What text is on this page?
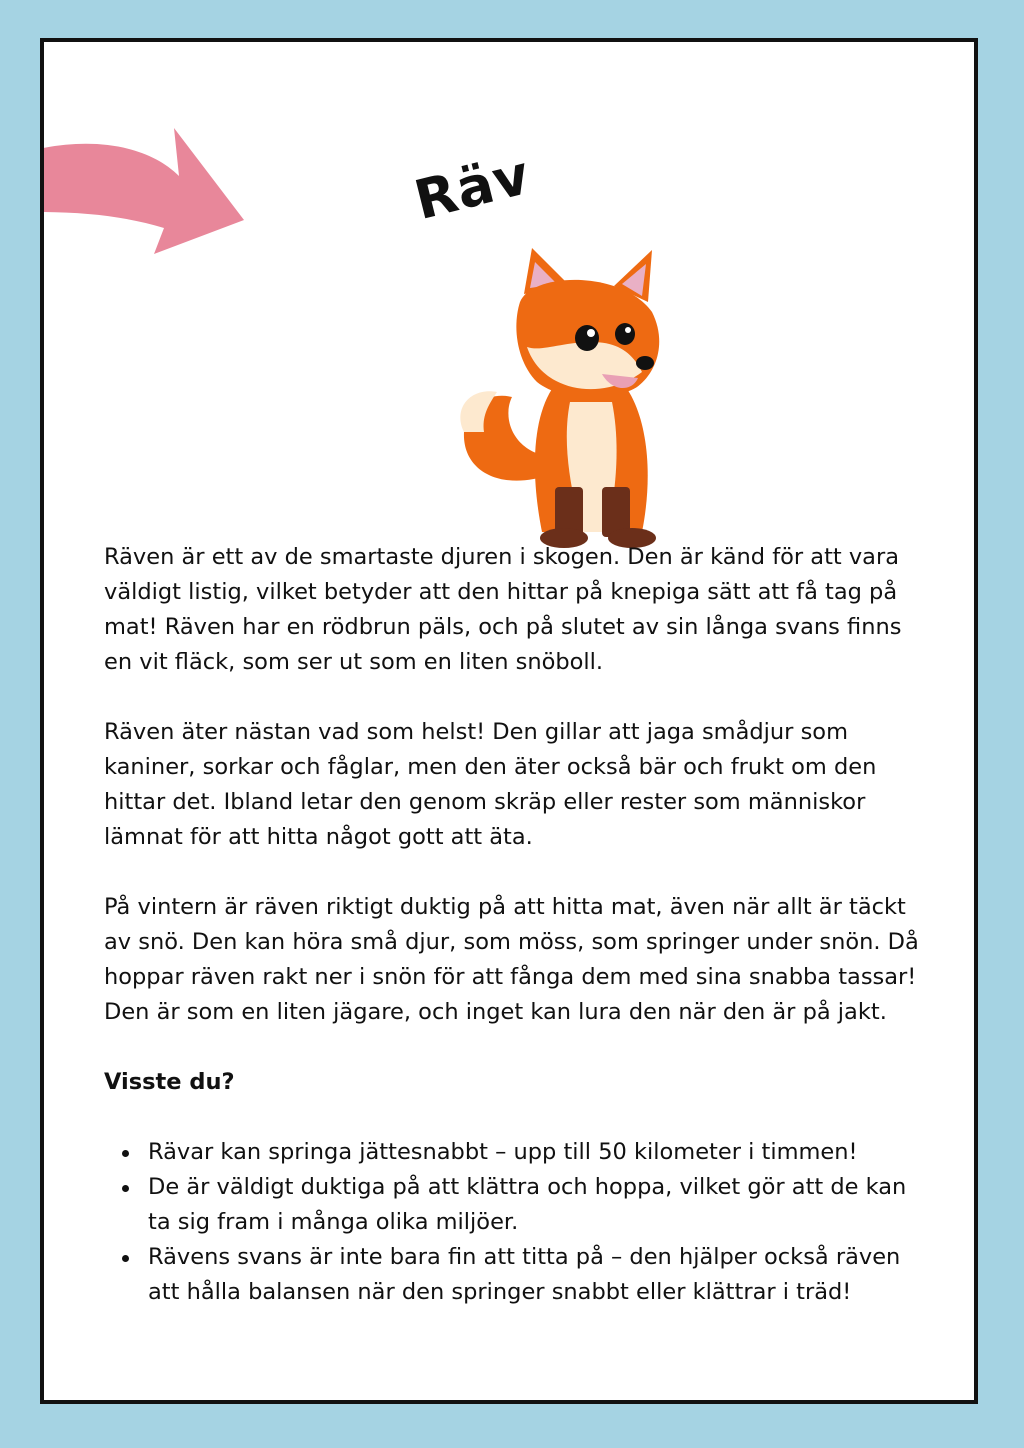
Räv

Räven är ett av de smartaste djuren i skogen. Den är känd för att vara väldigt listig, vilket betyder att den hittar på knepiga sätt att få tag på mat! Räven har en rödbrun päls, och på slutet av sin långa svans finns en vit fläck, som ser ut som en liten snöboll.

Räven äter nästan vad som helst! Den gillar att jaga smådjur som kaniner, sorkar och fåglar, men den äter också bär och frukt om den hittar det. Ibland letar den genom skräp eller rester som människor lämnat för att hitta något gott att äta.

På vintern är räven riktigt duktig på att hitta mat, även när allt är täckt av snö. Den kan höra små djur, som möss, som springer under snön. Då hoppar räven rakt ner i snön för att fånga dem med sina snabba tassar! Den är som en liten jägare, och inget kan lura den när den är på jakt.

Visste du?

Rävar kan springa jättesnabbt – upp till 50 kilometer i timmen!
De är väldigt duktiga på att klättra och hoppa, vilket gör att de kan ta sig fram i många olika miljöer.
Rävens svans är inte bara fin att titta på – den hjälper också räven att hålla balansen när den springer snabbt eller klättrar i träd!
